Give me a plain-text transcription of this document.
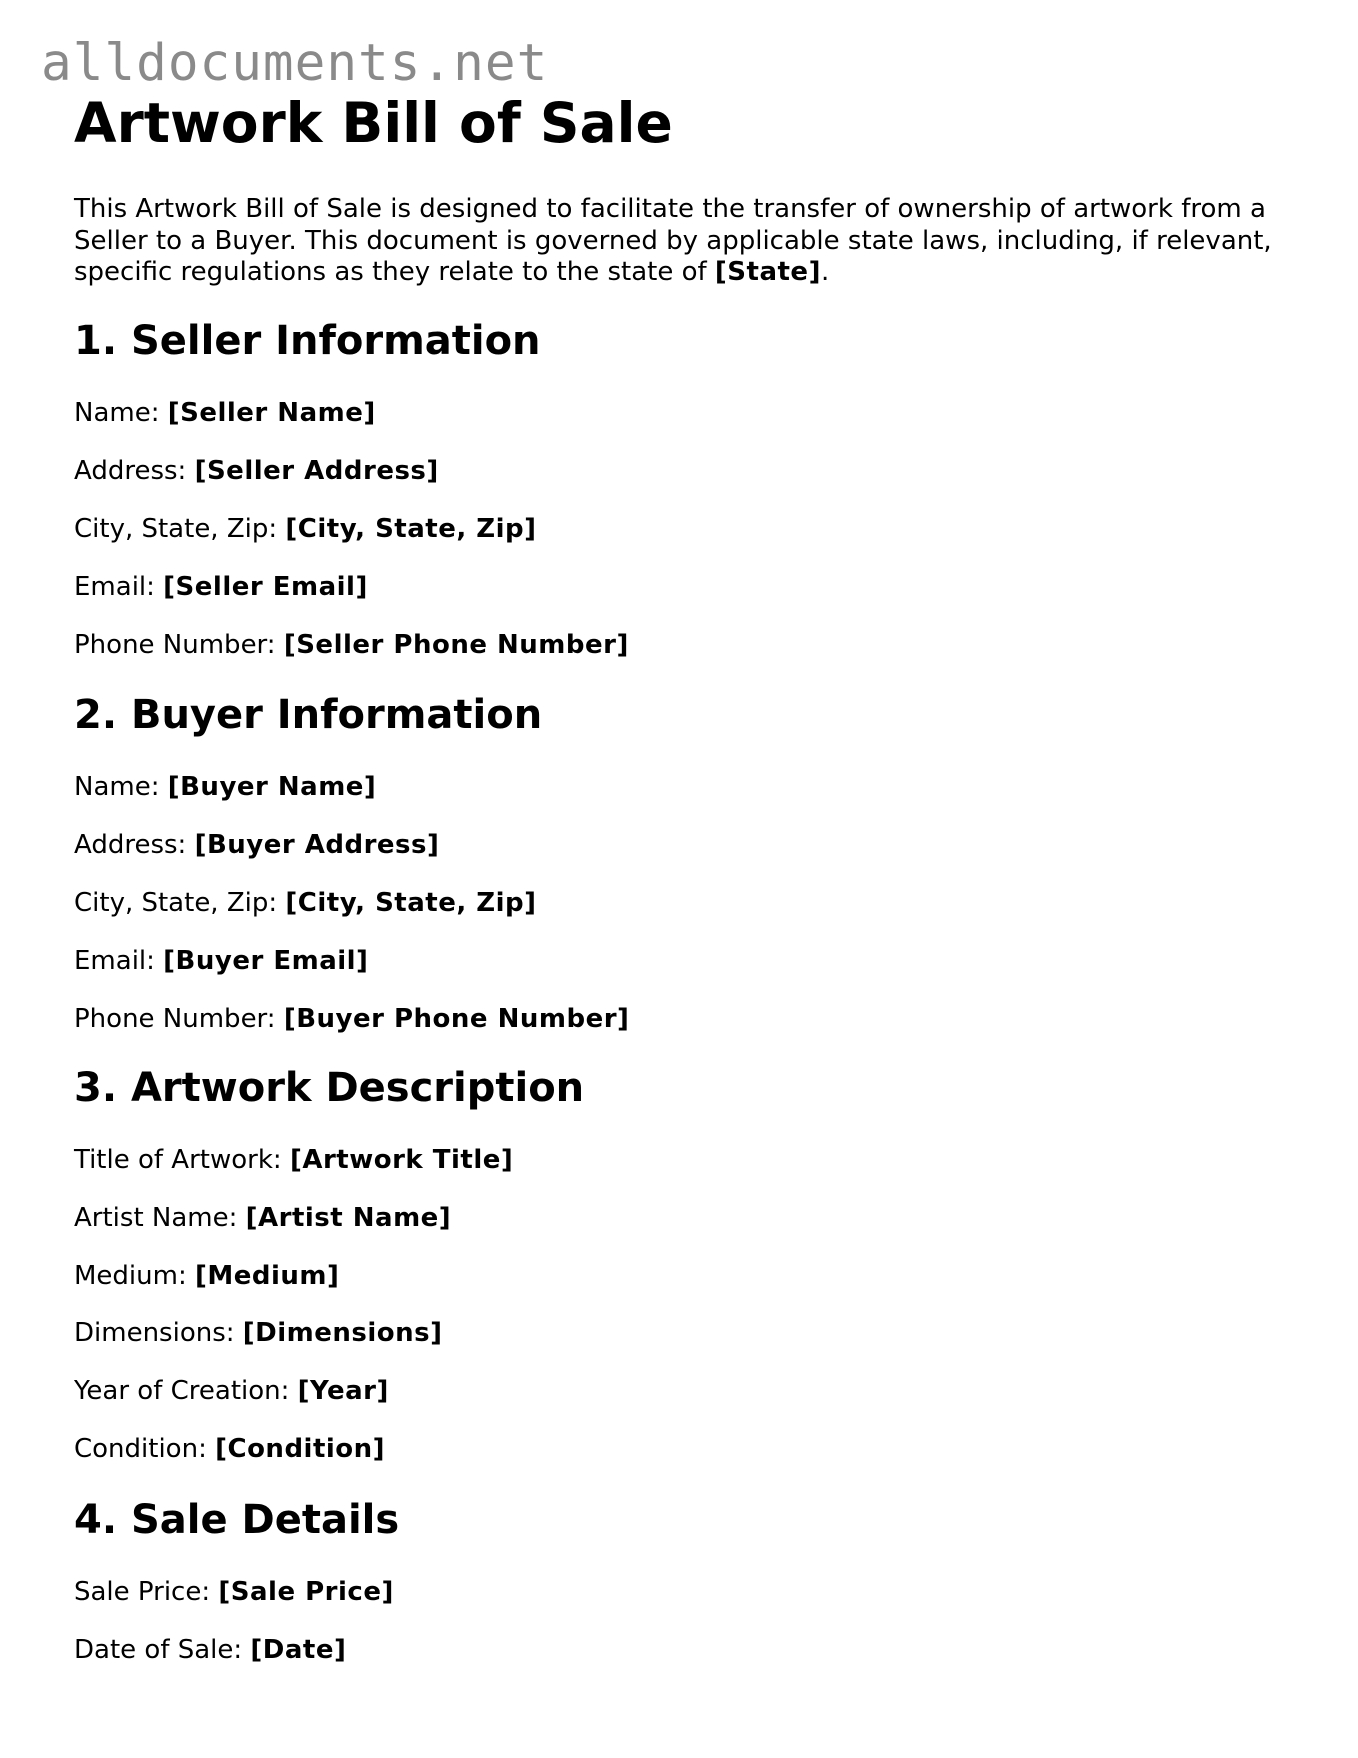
alldocuments.net
Artwork Bill of Sale

This Artwork Bill of Sale is designed to facilitate the transfer of ownership of artwork from a Seller to a Buyer. This document is governed by applicable state laws, including, if relevant, specific regulations as they relate to the state of [State].

1. Seller Information

Name: [Seller Name]

Address: [Seller Address]

City, State, Zip: [City, State, Zip]

Email: [Seller Email]

Phone Number: [Seller Phone Number]

2. Buyer Information

Name: [Buyer Name]

Address: [Buyer Address]

City, State, Zip: [City, State, Zip]

Email: [Buyer Email]

Phone Number: [Buyer Phone Number]

3. Artwork Description

Title of Artwork: [Artwork Title]

Artist Name: [Artist Name]

Medium: [Medium]

Dimensions: [Dimensions]

Year of Creation: [Year]

Condition: [Condition]

4. Sale Details

Sale Price: [Sale Price]

Date of Sale: [Date]
